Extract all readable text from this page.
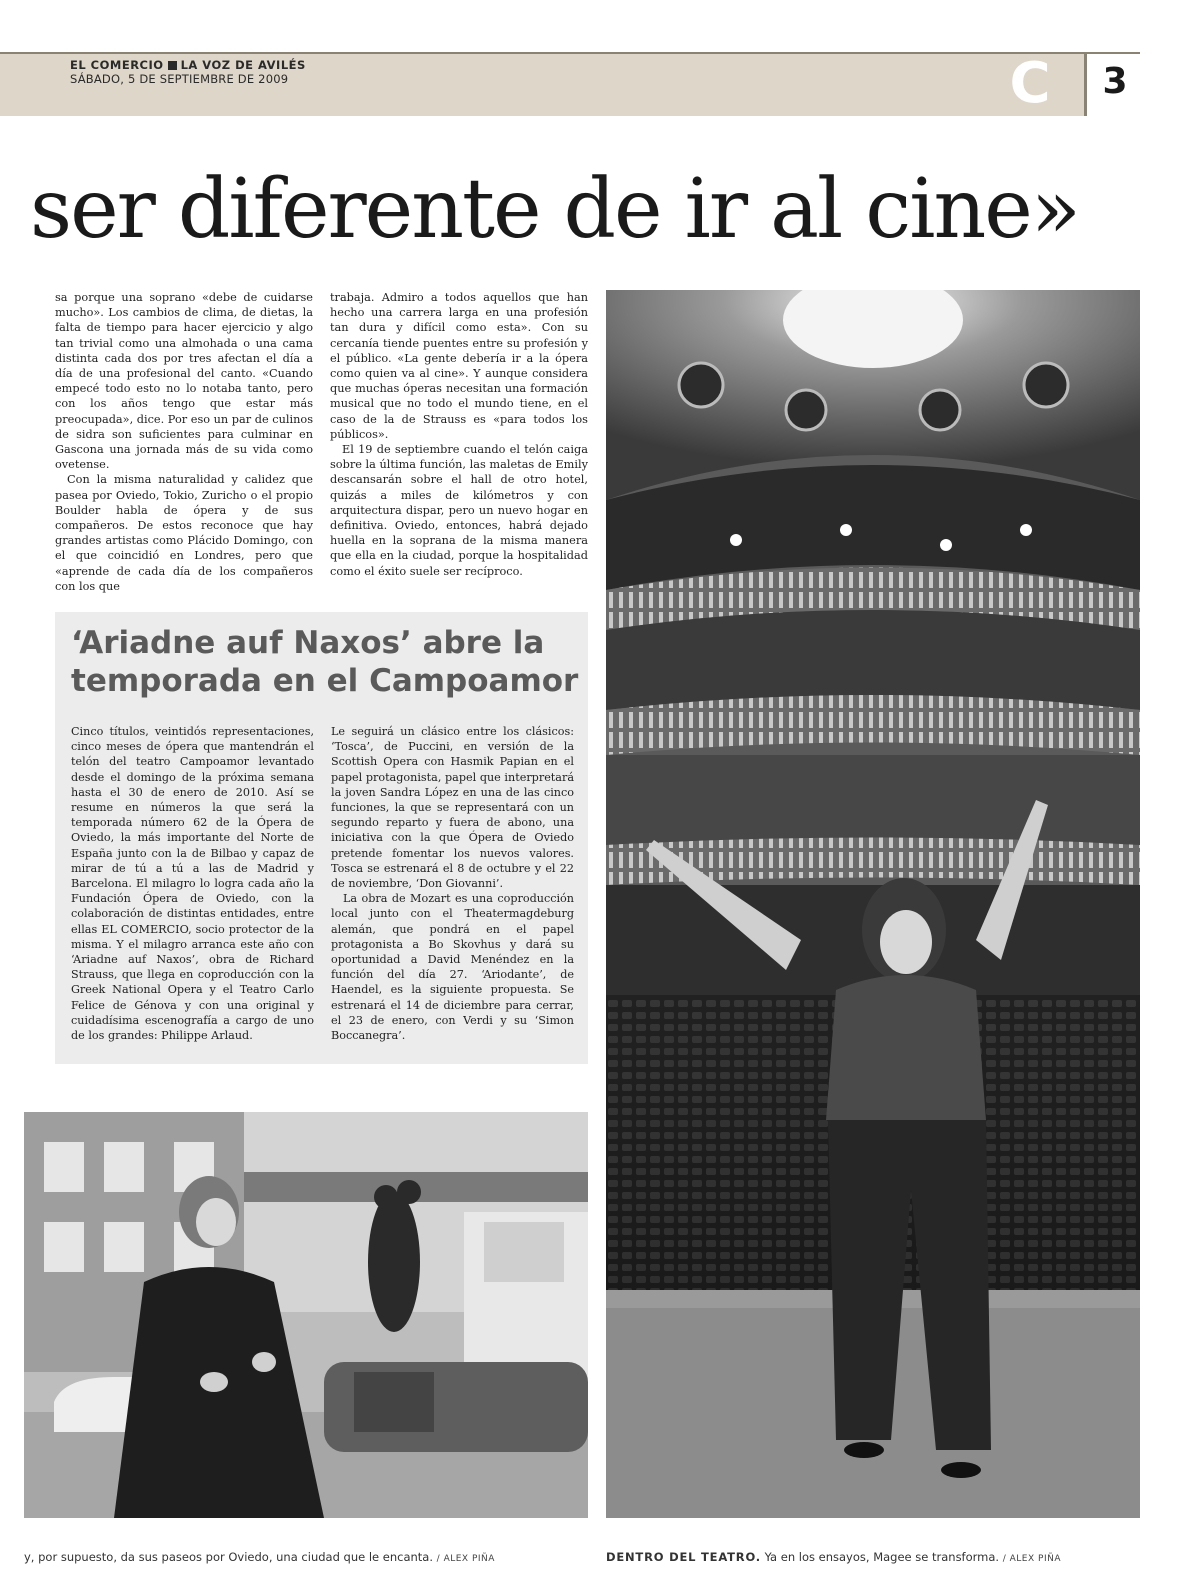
EL COMERCIO LA VOZ DE AVILÉS
SÁBADO, 5 DE SEPTIEMBRE DE 2009	C	3
ser diferente de ir al cine»

sa porque una soprano «debe de cuidarse mucho». Los cambios de clima, de dietas, la falta de tiempo para hacer ejercicio y algo tan trivial como una almohada o una cama distinta cada dos por tres afectan el día a día de una profesional del canto. «Cuando empecé todo esto no lo notaba tanto, pero con los años tengo que estar más preocupada», dice. Por eso un par de culinos de sidra son suficientes para culminar en Gascona una jornada más de su vida como ovetense.

Con la misma naturalidad y calidez que pasea por Oviedo, Tokio, Zuricho o el propio Boulder habla de ópera y de sus compañeros. De estos reconoce que hay grandes artistas como Plácido Domingo, con el que coincidió en Londres, pero que «aprende de cada día de los compañeros con los que

trabaja. Admiro a todos aquellos que han hecho una carrera larga en una profesión tan dura y difícil como esta». Con su cercanía tiende puentes entre su profesión y el público. «La gente debería ir a la ópera como quien va al cine». Y aunque considera que muchas óperas necesitan una formación musical que no todo el mundo tiene, en el caso de la de Strauss es «para todos los públicos».

El 19 de septiembre cuando el telón caiga sobre la última función, las maletas de Emily descansarán sobre el hall de otro hotel, quizás a miles de kilómetros y con arquitectura dispar, pero un nuevo hogar en definitiva. Oviedo, entonces, habrá dejado huella en la soprana de la misma manera que ella en la ciudad, porque la hospitalidad como el éxito suele ser recíproco.

‘Ariadne auf Naxos’ abre la temporada en el Campoamor

Cinco títulos, veintidós representaciones, cinco meses de ópera que mantendrán el telón del teatro Campoamor levantado desde el domingo de la próxima semana hasta el 30 de enero de 2010. Así se resume en números la que será la temporada número 62 de la Ópera de Oviedo, la más importante del Norte de España junto con la de Bilbao y capaz de mirar de tú a tú a las de Madrid y Barcelona. El milagro lo logra cada año la Fundación Ópera de Oviedo, con la colaboración de distintas entidades, entre ellas EL COMERCIO, socio protector de la misma. Y el milagro arranca este año con ‘Ariadne auf Naxos’, obra de Richard Strauss, que llega en coproducción con la Greek National Opera y el Teatro Carlo Felice de Génova y con una original y cuidadísima escenografía a cargo de uno de los grandes: Philippe Arlaud.

Le seguirá un clásico entre los clásicos: ‘Tosca’, de Puccini, en versión de la Scottish Opera con Hasmik Papian en el papel protagonista, papel que interpretará la joven Sandra López en una de las cinco funciones, la que se representará con un segundo reparto y fuera de abono, una iniciativa con la que Ópera de Oviedo pretende fomentar los nuevos valores. Tosca se estrenará el 8 de octubre y el 22 de noviembre, ‘Don Giovanni’.

La obra de Mozart es una coproducción local junto con el Theatermagdeburg alemán, que pondrá en el papel protagonista a Bo Skovhus y dará su oportunidad a David Menéndez en la función del día 27. ‘Ariodante’, de Haendel, es la siguiente propuesta. Se estrenará el 14 de diciembre para cerrar, el 23 de enero, con Verdi y su ‘Simon Boccanegra’.

y, por supuesto, da sus paseos por Oviedo, una ciudad que le encanta. / ALEX PIÑA	DENTRO DEL TEATRO. Ya en los ensayos, Magee se transforma. / ALEX PIÑA
